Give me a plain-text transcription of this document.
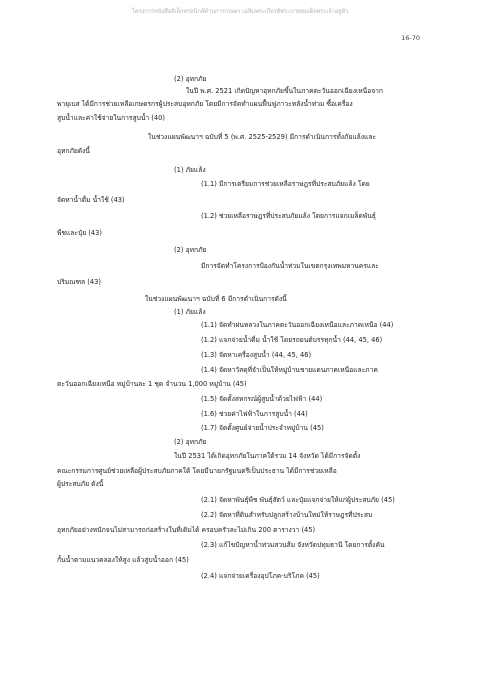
โครงการหนังสืออิเล็กทรอนิกส์ด้านการเกษตร เฉลิมพระเกียรติพระบาทสมเด็จพระเจ้าอยู่หัว
16-70
(2) อุทกภัย
ในปี พ.ศ. 2521 เกิดปัญหาอุทกภัยขึ้นในภาคตะวันออกเฉียงเหนือจาก
พายุเบส ได้มีการช่วยเหลือเกษตรกรผู้ประสบอุทกภัย โดยมีการจัดทำแผนฟื้นฟูภาวะหลังน้ำท่วม ซื้อเครื่อง
สูบน้ำและค่าใช้จ่ายในการสูบน้ำ (40)
ในช่วงแผนพัฒนาฯ ฉบับที่ 5 (พ.ศ. 2525-2529) มีการดำเนินการทั้งภัยแล้งและ
อุทกภัยดังนี้
(1) ภัยแล้ง
(1.1) มีการเตรียมการช่วยเหลือราษฎรที่ประสบภัยแล้ง โดย
จัดหาน้ำดื่ม น้ำใช้ (43)
(1.2) ช่วยเหลือราษฎรที่ประสบภัยแล้ง โดยการแจกเมล็ดพันธุ์
พืชและปุ๋ย (43)
(2) อุทกภัย
มีการจัดทำโครงการป้องกันน้ำท่วมในเขตกรุงเทพมหานครและ
ปริมณฑล (43)
ในช่วงแผนพัฒนาฯ ฉบับที่ 6 มีการดำเนินการดังนี้
(1) ภัยแล้ง
(1.1) จัดทำฝนหลวงในภาคตะวันออกเฉียงเหนือและภาคเหนือ (44)
(1.2) แจกจ่ายน้ำดื่ม น้ำใช้ โดยรถยนต์บรรทุกน้ำ (44, 45, 46)
(1.3) จัดหาเครื่องสูบน้ำ (44, 45, 46)
(1.4) จัดหาวัสดุที่จำเป็นให้หมู่บ้านชายแดนภาคเหนือและภาค
ตะวันออกเฉียงเหนือ หมู่บ้านละ 1 ชุด จำนวน 1,000 หมู่บ้าน (45)
(1.5) จัดตั้งสหกรณ์ผู้สูบน้ำด้วยไฟฟ้า (44)
(1.6) ช่วยค่าไฟฟ้าในการสูบน้ำ (44)
(1.7) จัดตั้งศูนย์จ่ายน้ำประจำหมู่บ้าน (45)
(2) อุทกภัย
ในปี 2531 ได้เกิดอุทกภัยในภาคใต้รวม 14 จังหวัด ได้มีการจัดตั้ง
คณะกรรมการศูนย์ช่วยเหลือผู้ประสบภัยภาคใต้ โดยมีนายกรัฐมนตรีเป็นประธาน ได้มีการช่วยเหลือ
ผู้ประสบภัย ดังนี้
(2.1) จัดหาพันธุ์พืช พันธุ์สัตว์ และปุ๋ยแจกจ่ายให้แก่ผู้ประสบภัย (45)
(2.2) จัดหาที่ดินสำหรับปลูกสร้างบ้านใหม่ให้ราษฎรที่ประสบ
อุทกภัยอย่างหนักจนไม่สามารถก่อสร้างในที่เดิมได้ ครอบครัวละไม่เกิน 200 ตารางวา (45)
(2.3) แก้ไขปัญหาน้ำท่วมสวนส้ม จังหวัดปทุมธานี โดยการตั้งคัน
กั้นน้ำตามแนวคลองให้สูง แล้วสูบน้ำออก (45)
(2.4) แจกจ่ายเครื่องอุปโภค-บริโภค (45)
